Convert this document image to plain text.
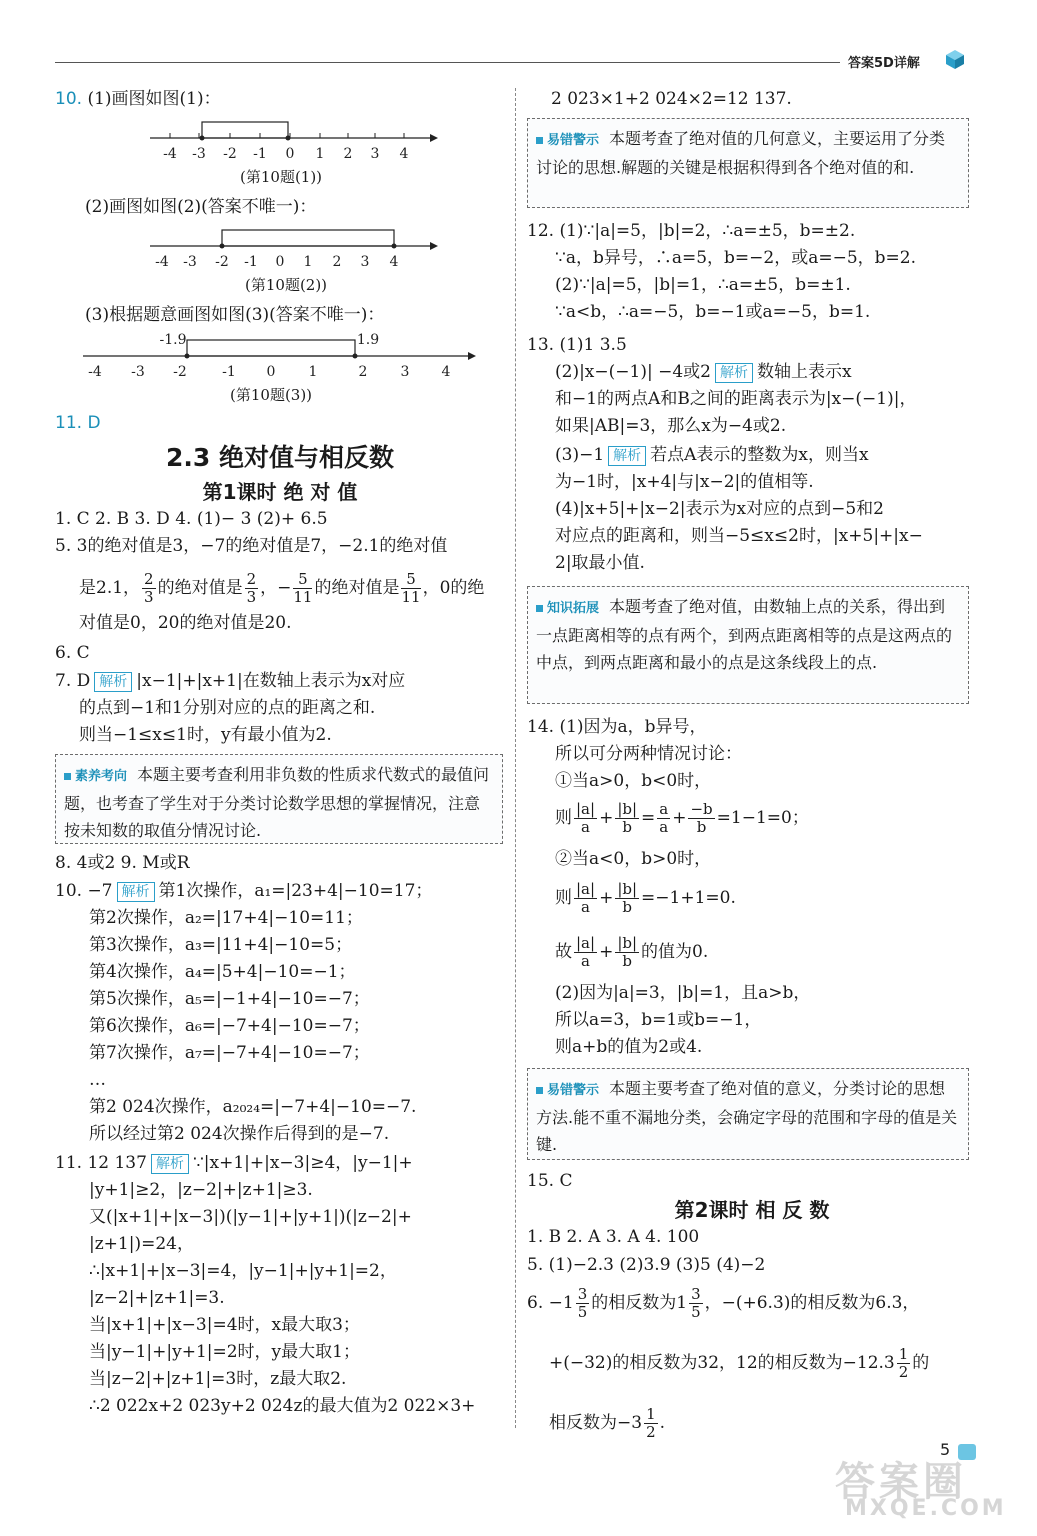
答案5D详解
10. (1)画图如图(1)：
-4 -3 -2 -1 0 1 2 3 4
(第10题(1))
(2)画图如图(2)(答案不唯一)：
-4 -3 -2 -1 0 1 2 3 4
(第10题(2))
(3)根据题意画图如图(3)(答案不唯一)：
-1.9	1.9
-4 -3 -2	-1 0 1	2 3 4
(第10题(3))
11. D
2.3 绝对值与相反数
第1课时 绝 对 值
1. C 2. B 3. D 4. (1)− 3 (2)+ 6.5
5. 3的绝对值是3，−7的绝对值是7，−2.1的绝对值
是2.1， $\frac{2}{3}$ 的绝对值是 $\frac{2}{3}$ ，− $\frac{5}{11}$ 的绝对值是 $\frac{5}{11}$ ，0的绝
对值是0，20的绝对值是20.
6. C
7. D 解析 |x−1|+|x+1|在数轴上表示为x对应
的点到−1和1分别对应的点的距离之和.
则当−1≤x≤1时，y有最小值为2.
素养考向 本题主要考查利用非负数的性质求代数式的最值问题，也考查了学生对于分类讨论数学思想的掌握情况，注意按未知数的取值分情况讨论.
8. 4或2 9. M或R
10. −7 解析 第1次操作，a₁=|23+4|−10=17；
第2次操作，a₂=|17+4|−10=11；
第3次操作，a₃=|11+4|−10=5；
第4次操作，a₄=|5+4|−10=−1；
第5次操作，a₅=|−1+4|−10=−7；
第6次操作，a₆=|−7+4|−10=−7；
第7次操作，a₇=|−7+4|−10=−7；
…
第2 024次操作，a₂₀₂₄=|−7+4|−10=−7.
所以经过第2 024次操作后得到的是−7.
11. 12 137 解析 ∵|x+1|+|x−3|≥4，|y−1|+
|y+1|≥2，|z−2|+|z+1|≥3.
又(|x+1|+|x−3|)(|y−1|+|y+1|)(|z−2|+
|z+1|)=24，
∴|x+1|+|x−3|=4，|y−1|+|y+1|=2，
|z−2|+|z+1|=3.
当|x+1|+|x−3|=4时，x最大取3；
当|y−1|+|y+1|=2时，y最大取1；
当|z−2|+|z+1|=3时，z最大取2.
∴2 022x+2 023y+2 024z的最大值为2 022×3+
2 023×1+2 024×2=12 137.
易错警示 本题考查了绝对值的几何意义，主要运用了分类讨论的思想.解题的关键是根据积得到各个绝对值的和.
12. (1)∵|a|=5，|b|=2，∴a=±5，b=±2.
∵a，b异号，∴a=5，b=−2，或a=−5，b=2.
(2)∵|a|=5，|b|=1，∴a=±5，b=±1.
∵a<b，∴a=−5，b=−1或a=−5，b=1.
13. (1)1 3.5
(2)|x−(−1)| −4或2 解析 数轴上表示x
和−1的两点A和B之间的距离表示为|x−(−1)|，
如果|AB|=3，那么x为−4或2.
(3)−1 解析 若点A表示的整数为x，则当x
为−1时，|x+4|与|x−2|的值相等.
(4)|x+5|+|x−2|表示为x对应的点到−5和2
对应点的距离和，则当−5≤x≤2时，|x+5|+|x−
2|取最小值.
知识拓展 本题考查了绝对值，由数轴上点的关系，得出到一点距离相等的点有两个，到两点距离相等的点是这两点的中点，到两点距离和最小的点是这条线段上的点.
14. (1)因为a，b异号，
所以可分两种情况讨论：
①当a>0，b<0时，
则 $\frac{|a|}{a} + \frac{|b|}{b} = \frac{a}{a} + \frac{-b}{b} =1-1=0$；
②当a<0，b>0时，
则 $\frac{|a|}{a} + \frac{|b|}{b} =-1+1=0$.
故 $\frac{|a|}{a} + \frac{|b|}{b}$ 的值为0.
(2)因为|a|=3，|b|=1，且a>b，
所以a=3，b=1或b=−1，
则a+b的值为2或4.
易错警示 本题主要考查了绝对值的意义，分类讨论的思想方法.能不重不漏地分类，会确定字母的范围和字母的值是关键.
15. C
第2课时 相 反 数
1. B 2. A 3. A 4. 100
5. (1)−2.3 (2)3.9 (3)5 (4)−2
6. $-1 \frac{3}{5}$ 的相反数为$1 \frac{3}{5}$ ，−(+6.3)的相反数为6.3，
+(−32)的相反数为32，12的相反数为$-12.3 \frac{1}{2}$ 的
相反数为$-3 \frac{1}{2}$ .
5
答案圈
MXQE.COM
